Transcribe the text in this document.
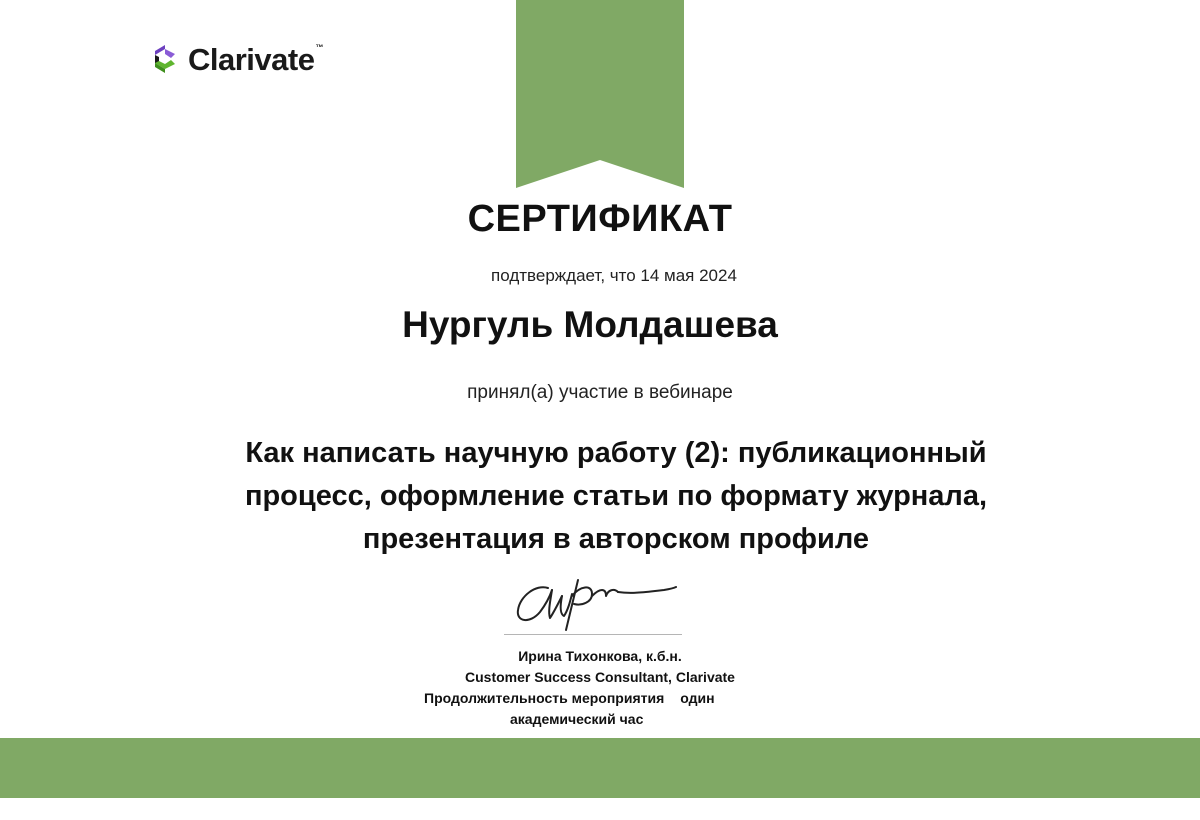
Clarivate ™
СЕРТИФИКАТ
подтверждает, что 14 мая 2024
Нургуль Молдашева
принял(а) участие в вебинаре
Как написать научную работу (2): публикационный
процесс, оформление статьи по формату журнала,
презентация в авторском профиле
Ирина Тихонкова, к.б.н.
Customer Success Consultant, Clarivate
Продолжительность мероприятия один
академический час
